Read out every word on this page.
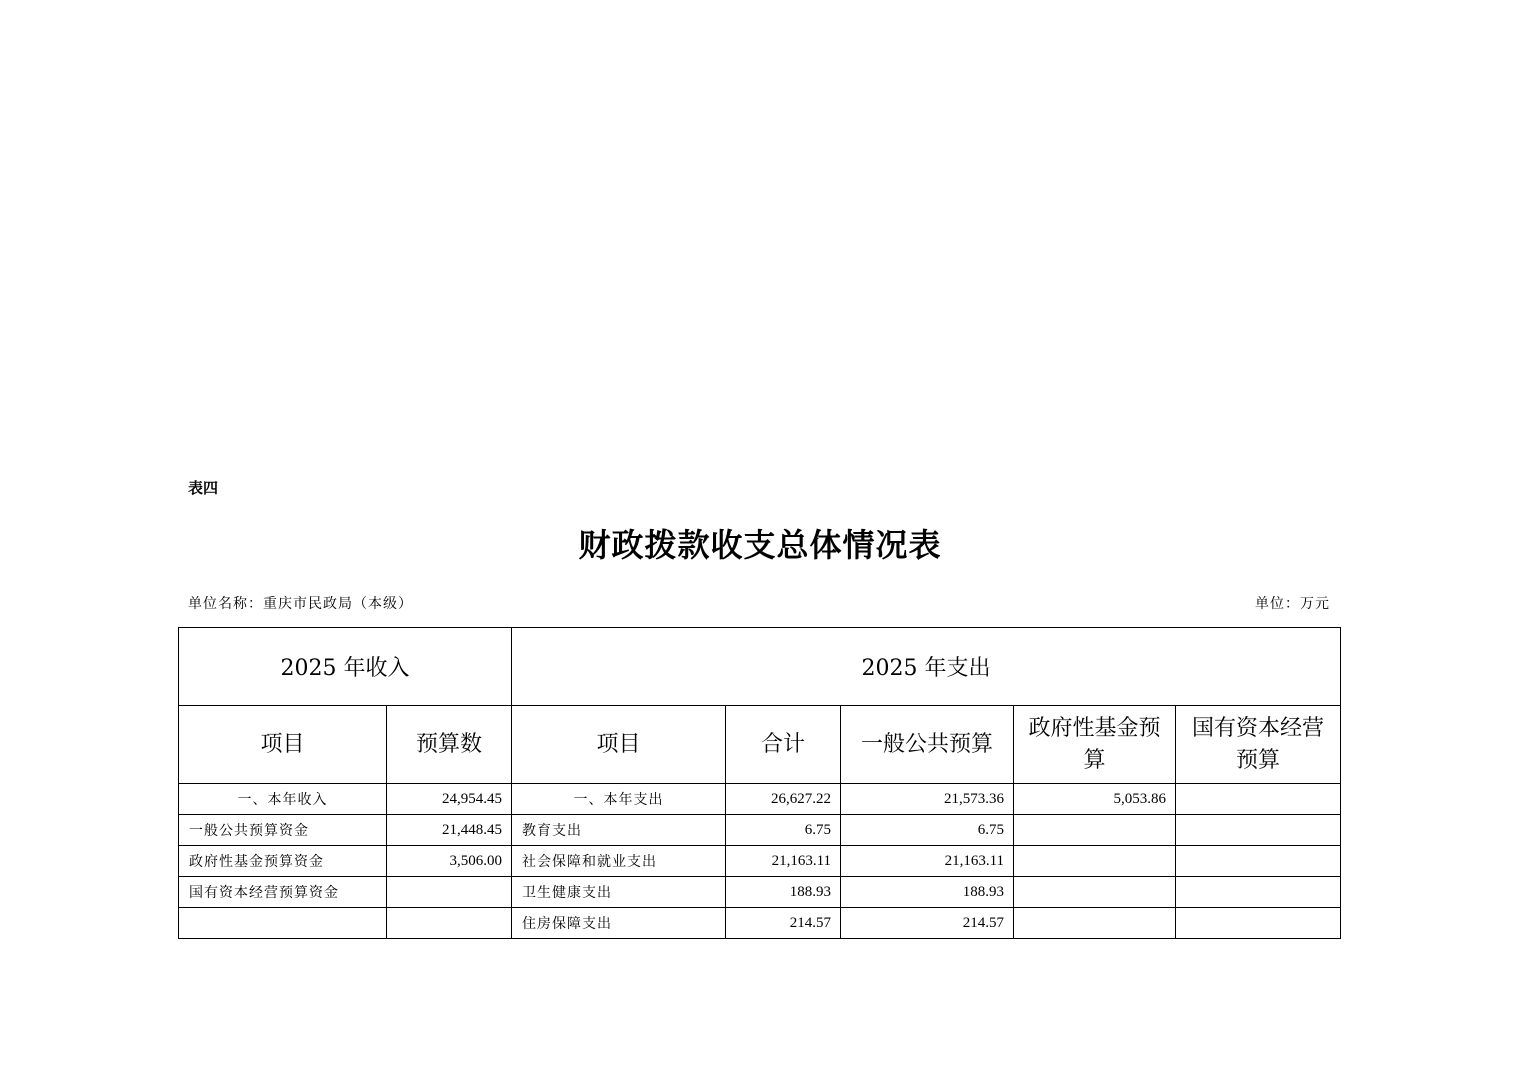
表四
财政拨款收支总体情况表
单位名称：重庆市民政局（本级）	单位：万元
2025 年收入		2025 年支出				
项目	预算数	项目	合计	一般公共预算	政府性基金预算	国有资本经营预算
一、本年收入	24,954.45	一、本年支出	26,627.22	21,573.36	5,053.86	
一般公共预算资金	21,448.45	教育支出	6.75	6.75		
政府性基金预算资金	3,506.00	社会保障和就业支出	21,163.11	21,163.11		
国有资本经营预算资金		卫生健康支出	188.93	188.93		
		住房保障支出	214.57	214.57		
